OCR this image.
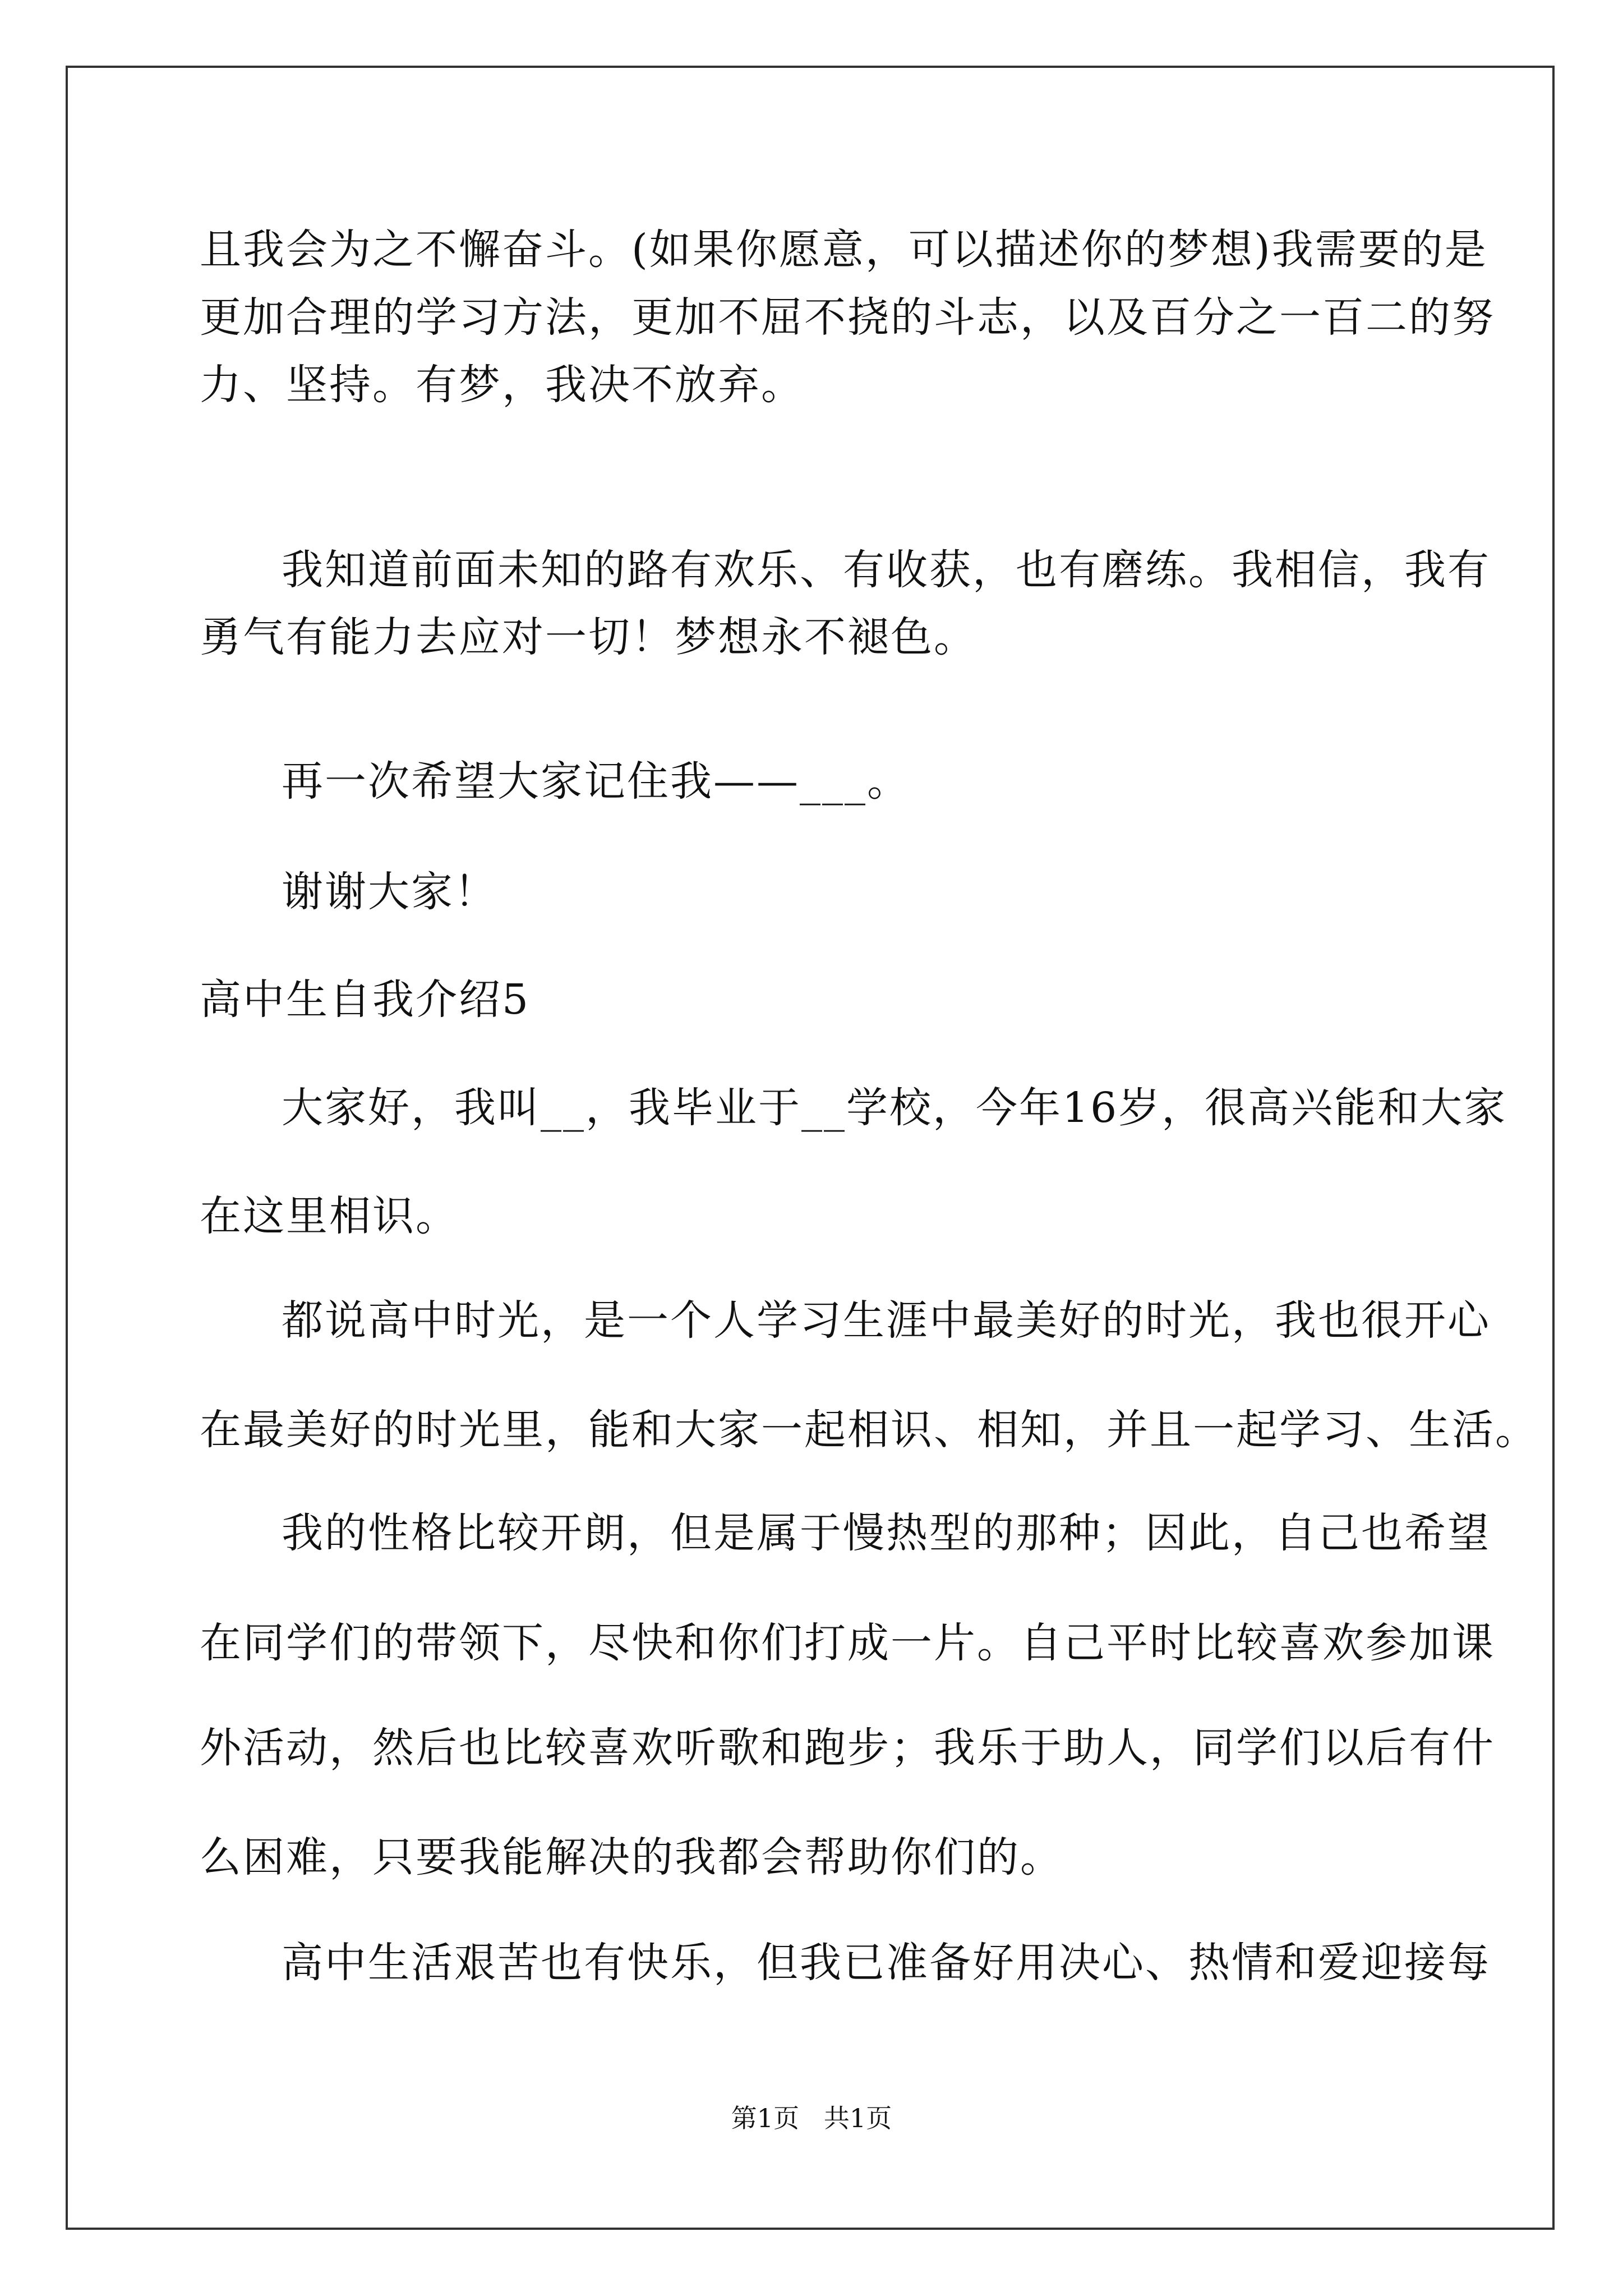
且我会为之不懈奋斗。(如果你愿意，可以描述你的梦想)我需要的是
更加合理的学习方法，更加不屈不挠的斗志，以及百分之一百二的努
力、坚持。有梦，我决不放弃。
我知道前面未知的路有欢乐、有收获，也有磨练。我相信，我有
勇气有能力去应对一切！梦想永不褪色。
再一次希望大家记住我——___。
谢谢大家！
高中生自我介绍5
大家好，我叫__，我毕业于__学校，今年16岁，很高兴能和大家
在这里相识。
都说高中时光，是一个人学习生涯中最美好的时光，我也很开心
在最美好的时光里，能和大家一起相识、相知，并且一起学习、生活。
我的性格比较开朗，但是属于慢热型的那种；因此，自己也希望
在同学们的带领下，尽快和你们打成一片。自己平时比较喜欢参加课
外活动，然后也比较喜欢听歌和跑步；我乐于助人，同学们以后有什
么困难，只要我能解决的我都会帮助你们的。
高中生活艰苦也有快乐，但我已准备好用决心、热情和爱迎接每
第1页   共1页
